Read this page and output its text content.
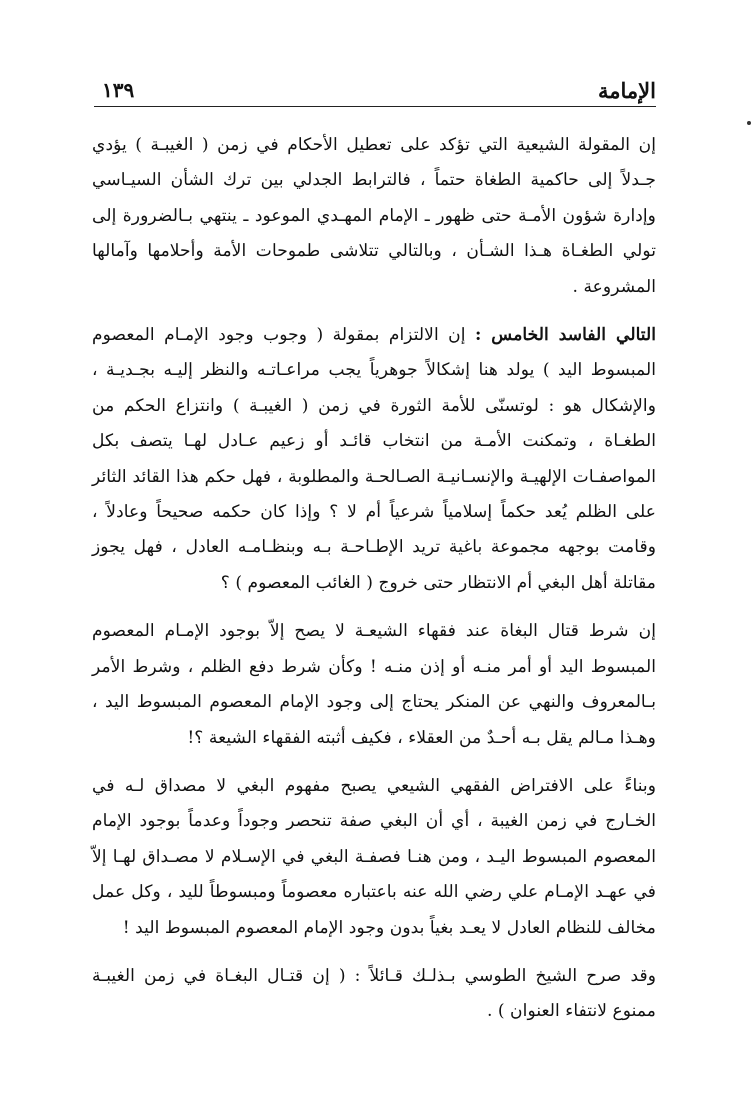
الإمامة
١٣٩

إن المقولة الشيعية التي تؤكد على تعطيل الأحكام في زمن ( الغيبـة ) يؤدي جـدلاً إلى حاكمية الطغاة حتماً ، فالترابط الجدلي بين ترك الشأن السيـاسي وإدارة شؤون الأمـة حتى ظهور ـ الإمام المهـدي الموعود ـ ينتهي بـالضرورة إلى تولي الطغـاة هـذا الشـأن ، وبالتالي تتلاشى طموحات الأمة وأحلامها وآمالها المشروعة .

التالي الفاسد الخامس : إن الالتزام بمقولة ( وجوب وجود الإمـام المعصوم المبسوط اليد ) يولد هنا إشكالاً جوهرياً يجب مراعـاتـه والنظر إليـه بجـديـة ، والإشكال هو : لوتسنّى للأمة الثورة في زمن ( الغيبـة ) وانتزاع الحكم من الطغـاة ، وتمكنت الأمـة من انتخاب قائـد أو زعيم عـادل لهـا يتصف بكل المواصفـات الإلهيـة والإنسـانيـة الصـالحـة والمطلوبة ، فهل حكم هذا القائد الثائر على الظلم يُعد حكماً إسلامياً شرعياً أم لا ؟ وإذا كان حكمه صحيحاً وعادلاً ، وقامت بوجهه مجموعة باغية تريد الإطـاحـة بـه وبنظـامـه العادل ، فهل يجوز مقاتلة أهل البغي أم الانتظار حتى خروج ( الغائب المعصوم ) ؟

إن شرط قتال البغاة عند فقهاء الشيعـة لا يصح إلاّ بوجود الإمـام المعصوم المبسوط اليد أو أمر منـه أو إذن منـه ! وكأن شرط دفع الظلم ، وشرط الأمر بـالمعروف والنهي عن المنكر يحتاج إلى وجود الإمام المعصوم المبسوط اليد ، وهـذا مـالم يقل بـه أحـدٌ من العقلاء ، فكيف أثبته الفقهاء الشيعة ؟!

وبناءً على الافتراض الفقهي الشيعي يصبح مفهوم البغي لا مصداق لـه في الخـارج في زمن الغيبة ، أي أن البغي صفة تنحصر وجوداً وعدماً بوجود الإمام المعصوم المبسوط اليـد ، ومن هنـا فصفـة البغي في الإسـلام لا مصـداق لهـا إلاّ في عهـد الإمـام علي رضي الله عنه باعتباره معصوماً ومبسوطاً لليد ، وكل عمل مخالف للنظام العادل لا يعـد بغياً بدون وجود الإمام المعصوم المبسوط اليد !

وقد صرح الشيخ الطوسي بـذلـك قـائلاً : ( إن قتـال البغـاة في زمن الغيبـة ممنوع لانتفاء العنوان ) .
